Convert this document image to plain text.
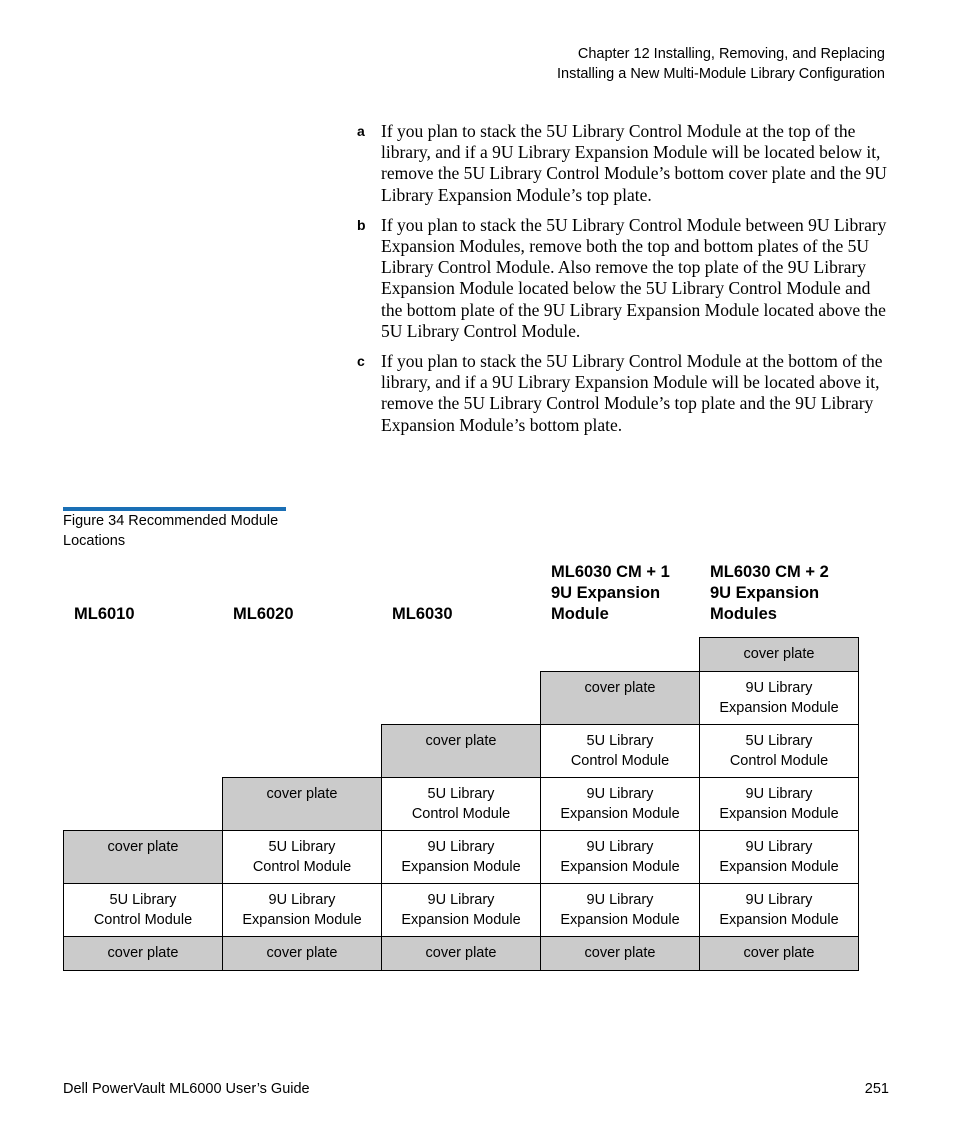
Chapter 12 Installing, Removing, and Replacing
Installing a New Multi-Module Library Configuration
a If you plan to stack the 5U Library Control Module at the top of the library, and if a 9U Library Expansion Module will be located below it, remove the 5U Library Control Module’s bottom cover plate and the 9U Library Expansion Module’s top plate.
b If you plan to stack the 5U Library Control Module between 9U Library Expansion Modules, remove both the top and bottom plates of the 5U Library Control Module. Also remove the top plate of the 9U Library Expansion Module located below the 5U Library Control Module and the bottom plate of the 9U Library Expansion Module located above the 5U Library Control Module.
c If you plan to stack the 5U Library Control Module at the bottom of the library, and if a 9U Library Expansion Module will be located above it, remove the 5U Library Control Module’s top plate and the 9U Library Expansion Module’s bottom plate.
Figure 34 Recommended Module Locations
ML6010
cover plate
5U Library
Control Module
cover plate
ML6020
cover plate
9U Library
Expansion Module
5U Library
Control Module
cover plate
ML6030
cover plate
9U Library
Expansion Module
9U Library
Expansion Module
5U Library
Control Module
cover plate
ML6030 CM + 1
9U Expansion
Module
cover plate
9U Library
Expansion Module
9U Library
Expansion Module
9U Library
Expansion Module
5U Library
Control Module
cover plate
ML6030 CM + 2
9U Expansion
Modules
cover plate
9U Library
Expansion Module
9U Library
Expansion Module
9U Library
Expansion Module
5U Library
Control Module
9U Library
Expansion Module
cover plate
Dell PowerVault ML6000 User’s Guide	251
